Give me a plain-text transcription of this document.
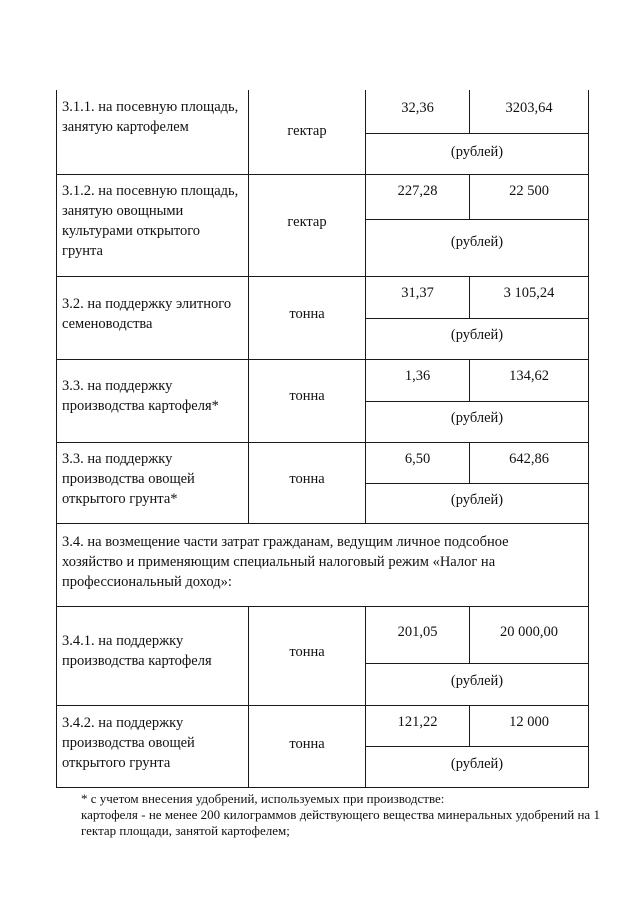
3.1.1. на посевную площадь, занятую картофелем	гектар
32,36	3203,64
(рублей)
3.1.2. на посевную площадь, занятую овощными культурами открытого грунта
гектар
227,28	22 500
(рублей)
3.2. на поддержку элитного семеноводства
тонна
31,37	3 105,24
(рублей)
3.3. на поддержку производства картофеля*
тонна
1,36	134,62
(рублей)
3.3. на поддержку производства овощей открытого грунта*
тонна
6,50	642,86
(рублей)
3.4. на возмещение части затрат гражданам, ведущим личное подсобное хозяйство и применяющим специальный налоговый режим «Налог на профессиональный доход»:
3.4.1. на поддержку производства картофеля
тонна
201,05	20 000,00
(рублей)
3.4.2. на поддержку производства овощей открытого грунта
тонна
121,22	12 000
(рублей)
* с учетом внесения удобрений, используемых при производстве:
картофеля - не менее 200 килограммов действующего вещества минеральных удобрений на 1 гектар площади, занятой картофелем;
